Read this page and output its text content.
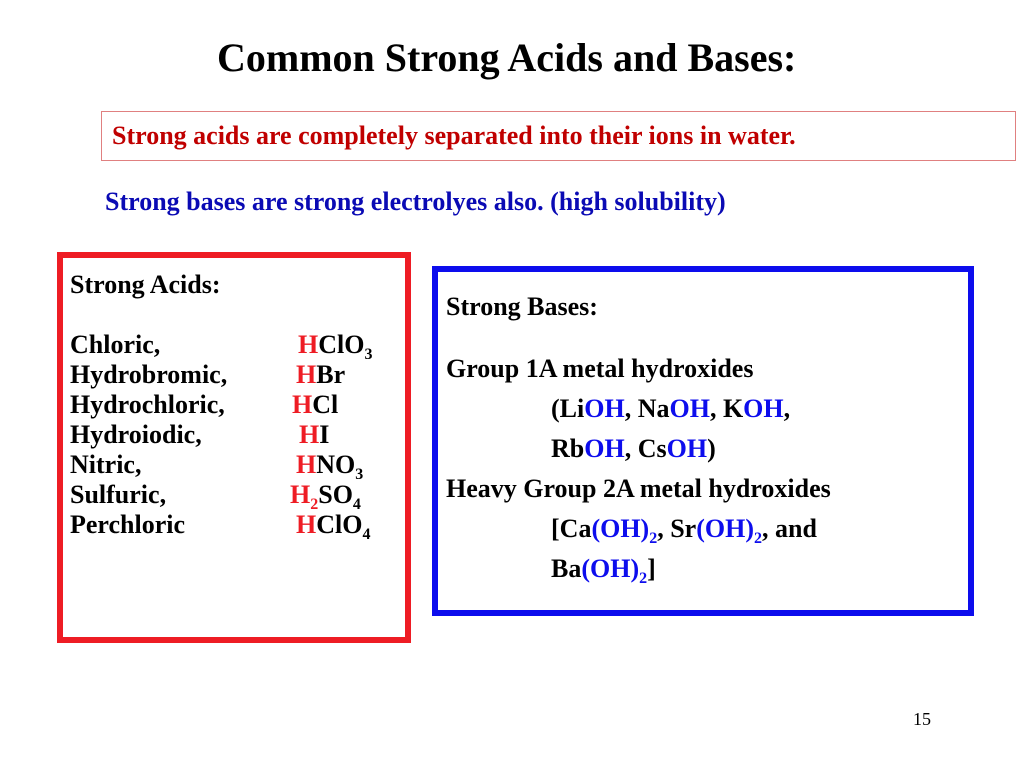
Common Strong Acids and Bases:
Strong acids are completely separated into their ions in water.
Strong bases are strong electrolyes also. (high solubility)
Strong Acids:
Chloric,	HClO$_3$
Hydrobromic,	HBr
Hydrochloric,	HCl
Hydroiodic,	HI
Nitric,	$HNO_3$
Sulfuric,	$H_2SO_4$
Perchloric	HClO$_4$
Strong Bases:
Group 1A metal hydroxides
(LiOH, NaOH, KOH,
RbOH, CsOH)
Heavy Group 2A metal hydroxides
[$Ca(OH)_2$, $Sr(OH)_2$, and
$Ba(OH)_2$]
15
